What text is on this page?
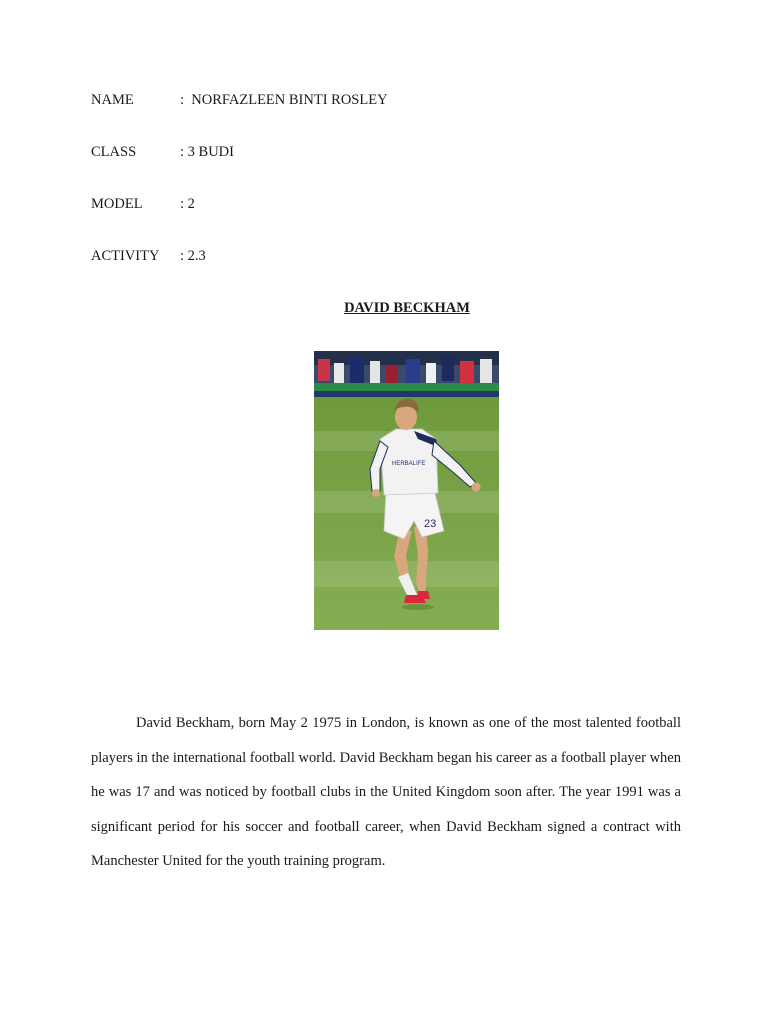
NAME	: NORFAZLEEN BINTI ROSLEY
CLASS	: 3 BUDI
MODEL	: 2
ACTIVITY : 2.3
DAVID BECKHAM
23
HERBALIFE
David Beckham, born May 2 1975 in London, is known as one of the most talented football players in the international football world. David Beckham began his career as a football player when he was 17 and was noticed by football clubs in the United Kingdom soon after. The year 1991 was a significant period for his soccer and football career, when David Beckham signed a contract with Manchester United for the youth training program.
